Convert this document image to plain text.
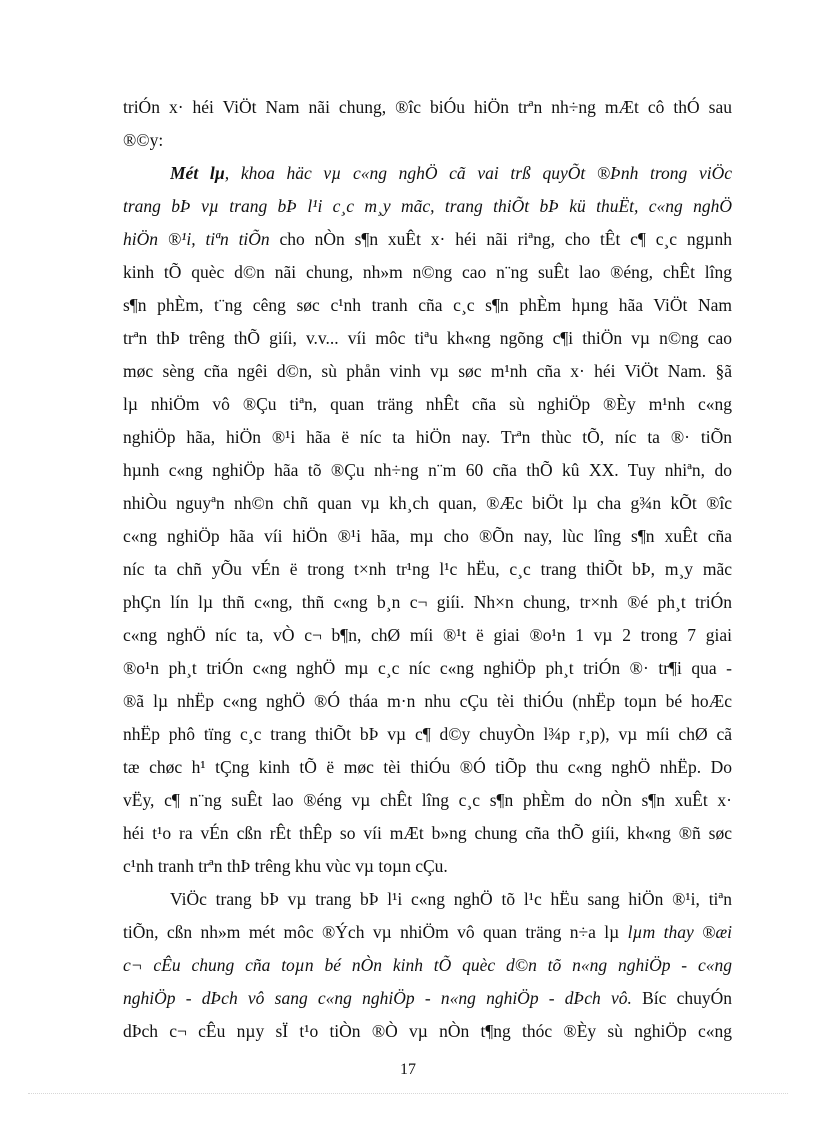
triÓn x· héi ViÖt Nam nãi chung, ®îc biÓu hiÖn trªn nh÷ng mÆt cô thÓ sau
®©y:
Mét lµ, khoa häc vµ c«ng nghÖ cã vai trß quyÕt ®Þnh trong viÖc
trang bÞ vµ trang bÞ l¹i c¸c m¸y mãc, trang thiÕt bÞ kü thuËt, c«ng nghÖ
hiÖn ®¹i, tiªn tiÕn cho nÒn s¶n xuÊt x· héi nãi riªng, cho tÊt c¶ c¸c ngµnh
kinh tÕ quèc d©n nãi chung, nh»m n©ng cao n¨ng suÊt lao ®éng, chÊt lîng
s¶n phÈm, t¨ng cêng søc c¹nh tranh cña c¸c s¶n phÈm hµng hãa ViÖt Nam
trªn thÞ trêng thÕ giíi, v.v... víi môc tiªu kh«ng ngõng c¶i thiÖn vµ n©ng cao
møc sèng cña ngêi d©n, sù phån vinh vµ søc m¹nh cña x· héi ViÖt Nam. §ã
lµ nhiÖm vô ®Çu tiªn, quan träng nhÊt cña sù nghiÖp ®Èy m¹nh c«ng
nghiÖp hãa, hiÖn ®¹i hãa ë níc ta hiÖn nay. Trªn thùc tÕ, níc ta ®· tiÕn
hµnh c«ng nghiÖp hãa tõ ®Çu nh÷ng n¨m 60 cña thÕ kû XX. Tuy nhiªn, do
nhiÒu nguyªn nh©n chñ quan vµ kh¸ch quan, ®Æc biÖt lµ cha g¾n kÕt ®îc
c«ng nghiÖp hãa víi hiÖn ®¹i hãa, mµ cho ®Õn nay, lùc lîng s¶n xuÊt cña
níc ta chñ yÕu vÉn ë trong t×nh tr¹ng l¹c hËu, c¸c trang thiÕt bÞ, m¸y mãc
phÇn lín lµ thñ c«ng, thñ c«ng b¸n c¬ giíi. Nh×n chung, tr×nh ®é ph¸t triÓn
c«ng nghÖ níc ta, vÒ c¬ b¶n, chØ míi ®¹t ë giai ®o¹n 1 vµ 2 trong 7 giai
®o¹n ph¸t triÓn c«ng nghÖ mµ c¸c níc c«ng nghiÖp ph¸t triÓn ®· tr¶i qua -
®ã lµ nhËp c«ng nghÖ ®Ó tháa m·n nhu cÇu tèi thiÓu (nhËp toµn bé hoÆc
nhËp phô tïng c¸c trang thiÕt bÞ vµ c¶ d©y chuyÒn l¾p r¸p), vµ míi chØ cã
tæ chøc h¹ tÇng kinh tÕ ë møc tèi thiÓu ®Ó tiÕp thu c«ng nghÖ nhËp. Do
vËy, c¶ n¨ng suÊt lao ®éng vµ chÊt lîng c¸c s¶n phÈm do nÒn s¶n xuÊt x·
héi t¹o ra vÉn cßn rÊt thÊp so víi mÆt b»ng chung cña thÕ giíi, kh«ng ®ñ søc
c¹nh tranh trªn thÞ trêng khu vùc vµ toµn cÇu.
ViÖc trang bÞ vµ trang bÞ l¹i c«ng nghÖ tõ l¹c hËu sang hiÖn ®¹i, tiªn
tiÕn, cßn nh»m mét môc ®Ých vµ nhiÖm vô quan träng n÷a lµ lµm thay ®æi
c¬ cÊu chung cña toµn bé nÒn kinh tÕ quèc d©n tõ n«ng nghiÖp - c«ng
nghiÖp - dÞch vô sang c«ng nghiÖp - n«ng nghiÖp - dÞch vô. Bíc chuyÓn
dÞch c¬ cÊu nµy sÏ t¹o tiÒn ®Ò vµ nÒn t¶ng thóc ®Èy sù nghiÖp c«ng
17
